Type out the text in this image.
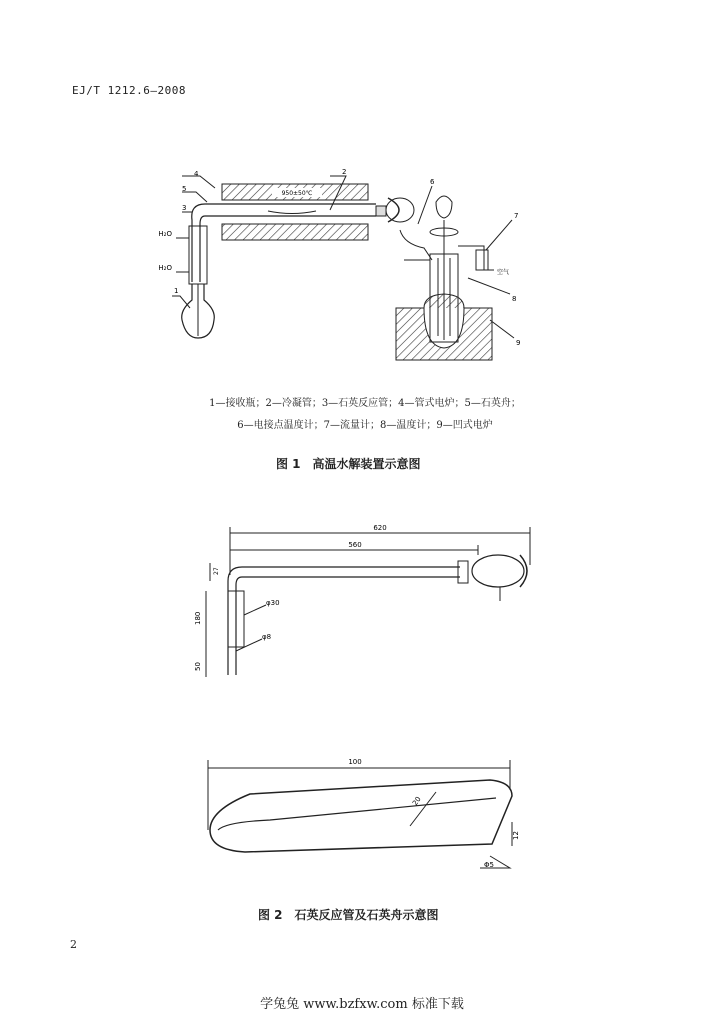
EJ/T 1212.6—2008
950±50℃
H₂O
H₂O
4
5
3
1
2
空气
6
7
8
9
1—接收瓶；2—冷凝管；3—石英反应管；4—管式电炉；5—石英舟；
6—电接点温度计；7—流量计；8—温度计；9—凹式电炉
图 1　高温水解装置示意图
620
560
27
180
50
φ30
φ8
100
20
12
Φ5
图 2　石英反应管及石英舟示意图
2
学兔兔 www.bzfxw.com 标准下载
